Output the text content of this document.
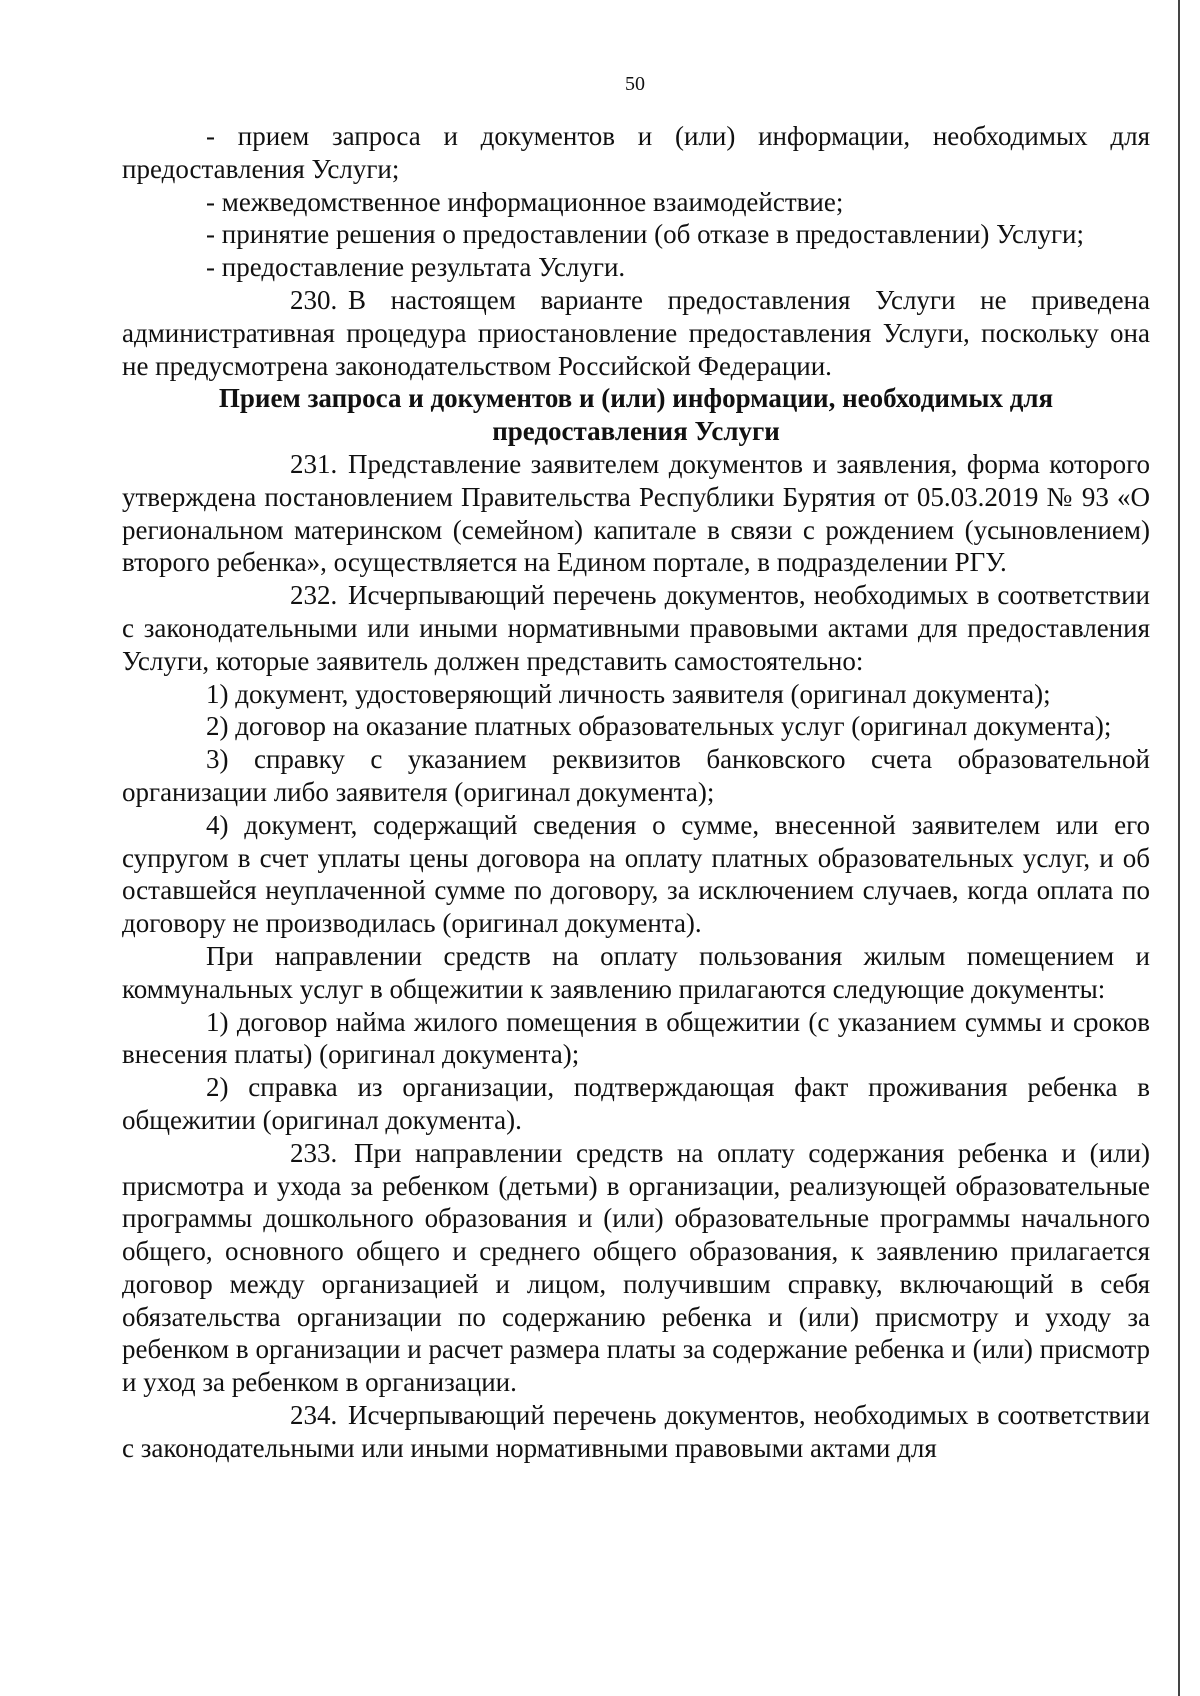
50

- прием запроса и документов и (или) информации, необходимых для предоставления Услуги;

- межведомственное информационное взаимодействие;

- принятие решения о предоставлении (об отказе в предоставлении) Услуги;

- предоставление результата Услуги.

230. В настоящем варианте предоставления Услуги не приведена административная процедура приостановление предоставления Услуги, поскольку она не предусмотрена законодательством Российской Федерации.

Прием запроса и документов и (или) информации, необходимых для
предоставления Услуги

231. Представление заявителем документов и заявления, форма которого утверждена постановлением Правительства Республики Бурятия от 05.03.2019 № 93 «О региональном материнском (семейном) капитале в связи с рождением (усыновлением) второго ребенка», осуществляется на Едином портале, в подразделении РГУ.

232. Исчерпывающий перечень документов, необходимых в соответствии с законодательными или иными нормативными правовыми актами для предоставления Услуги, которые заявитель должен представить самостоятельно:

1) документ, удостоверяющий личность заявителя (оригинал документа);

2) договор на оказание платных образовательных услуг (оригинал документа);

3) справку с указанием реквизитов банковского счета образовательной организации либо заявителя (оригинал документа);

4) документ, содержащий сведения о сумме, внесенной заявителем или его супругом в счет уплаты цены договора на оплату платных образовательных услуг, и об оставшейся неуплаченной сумме по договору, за исключением случаев, когда оплата по договору не производилась (оригинал документа).

При направлении средств на оплату пользования жилым помещением и коммунальных услуг в общежитии к заявлению прилагаются следующие документы:

1) договор найма жилого помещения в общежитии (с указанием суммы и сроков внесения платы) (оригинал документа);

2) справка из организации, подтверждающая факт проживания ребенка в общежитии (оригинал документа).

233. При направлении средств на оплату содержания ребенка и (или) присмотра и ухода за ребенком (детьми) в организации, реализующей образовательные программы дошкольного образования и (или) образовательные программы начального общего, основного общего и среднего общего образования, к заявлению прилагается договор между организацией и лицом, получившим справку, включающий в себя обязательства организации по содержанию ребенка и (или) присмотру и уходу за ребенком в организации и расчет размера платы за содержание ребенка и (или) присмотр и уход за ребенком в организации.

234. Исчерпывающий перечень документов, необходимых в соответствии с законодательными или иными нормативными правовыми актами для
